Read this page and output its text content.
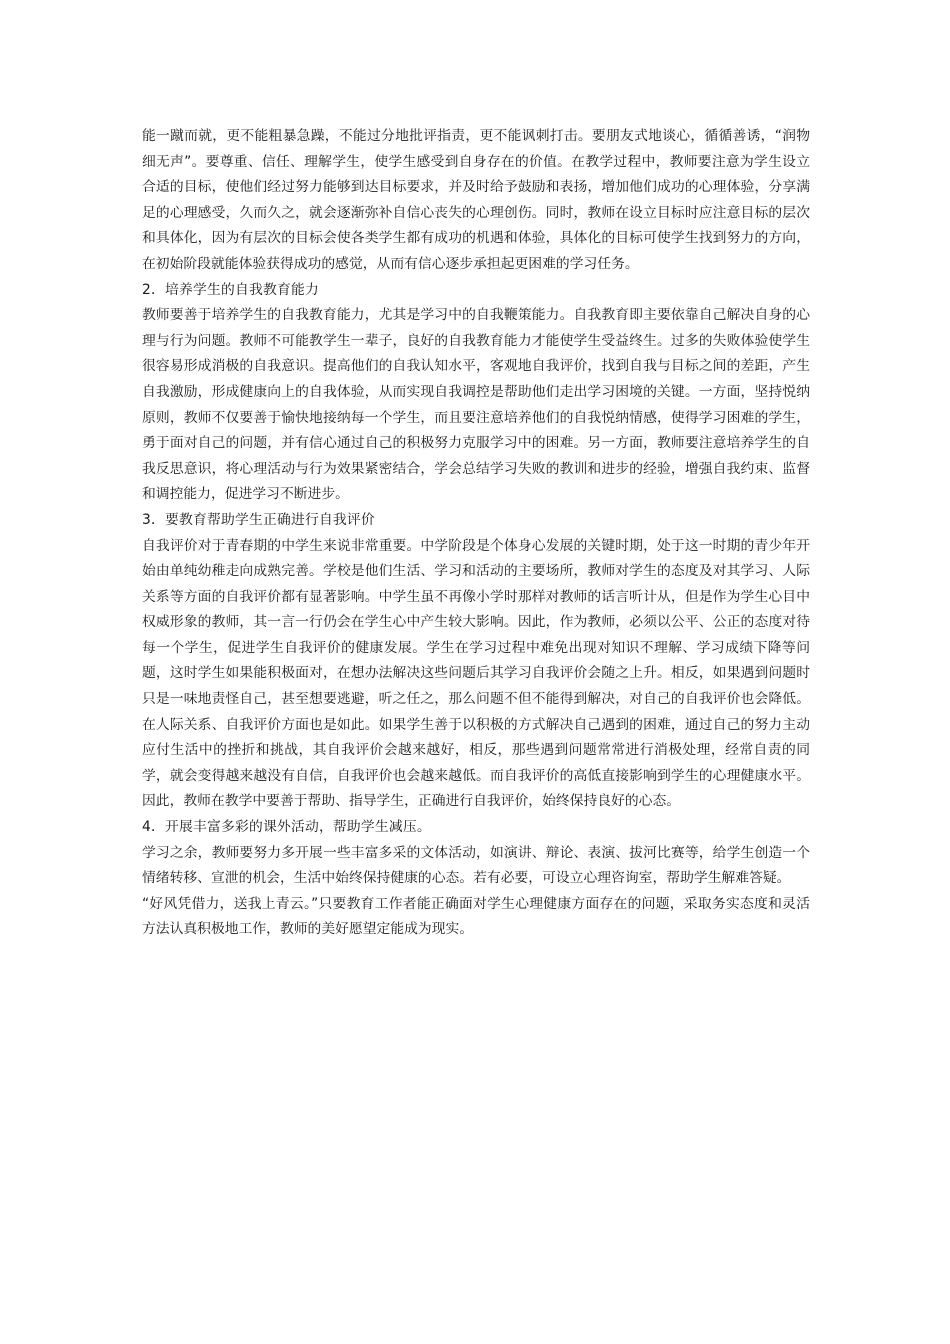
能一蹴而就，更不能粗暴急躁，不能过分地批评指责，更不能讽刺打击。要朋友式地谈心，循循善诱，“润物细无声”。要尊重、信任、理解学生，使学生感受到自身存在的价值。在教学过程中，教师要注意为学生设立合适的目标，使他们经过努力能够到达目标要求，并及时给予鼓励和表扬，增加他们成功的心理体验，分享满足的心理感受，久而久之，就会逐渐弥补自信心丧失的心理创伤。同时，教师在设立目标时应注意目标的层次和具体化，因为有层次的目标会使各类学生都有成功的机遇和体验，具体化的目标可使学生找到努力的方向，在初始阶段就能体验获得成功的感觉，从而有信心逐步承担起更困难的学习任务。

2．培养学生的自我教育能力

教师要善于培养学生的自我教育能力，尤其是学习中的自我鞭策能力。自我教育即主要依靠自己解决自身的心理与行为问题。教师不可能教学生一辈子，良好的自我教育能力才能使学生受益终生。过多的失败体验使学生很容易形成消极的自我意识。提高他们的自我认知水平，客观地自我评价，找到自我与目标之间的差距，产生自我激励，形成健康向上的自我体验，从而实现自我调控是帮助他们走出学习困境的关键。一方面，坚持悦纳原则，教师不仅要善于愉快地接纳每一个学生，而且要注意培养他们的自我悦纳情感，使得学习困难的学生，勇于面对自己的问题，并有信心通过自己的积极努力克服学习中的困难。另一方面，教师要注意培养学生的自我反思意识，将心理活动与行为效果紧密结合，学会总结学习失败的教训和进步的经验，增强自我约束、监督和调控能力，促进学习不断进步。

3．要教育帮助学生正确进行自我评价

自我评价对于青春期的中学生来说非常重要。中学阶段是个体身心发展的关键时期，处于这一时期的青少年开始由单纯幼稚走向成熟完善。学校是他们生活、学习和活动的主要场所，教师对学生的态度及对其学习、人际关系等方面的自我评价都有显著影响。中学生虽不再像小学时那样对教师的话言听计从，但是作为学生心目中权威形象的教师，其一言一行仍会在学生心中产生较大影响。因此，作为教师，必须以公平、公正的态度对待每一个学生，促进学生自我评价的健康发展。学生在学习过程中难免出现对知识不理解、学习成绩下降等问题，这时学生如果能积极面对，在想办法解决这些问题后其学习自我评价会随之上升。相反，如果遇到问题时只是一味地责怪自己，甚至想要逃避，听之任之，那么问题不但不能得到解决，对自己的自我评价也会降低。在人际关系、自我评价方面也是如此。如果学生善于以积极的方式解决自己遇到的困难，通过自己的努力主动应付生活中的挫折和挑战，其自我评价会越来越好，相反，那些遇到问题常常进行消极处理，经常自责的同学，就会变得越来越没有自信，自我评价也会越来越低。而自我评价的高低直接影响到学生的心理健康水平。因此，教师在教学中要善于帮助、指导学生，正确进行自我评价，始终保持良好的心态。

4．开展丰富多彩的课外活动，帮助学生减压。

学习之余，教师要努力多开展一些丰富多采的文体活动，如演讲、辩论、表演、拔河比赛等，给学生创造一个情绪转移、宣泄的机会，生活中始终保持健康的心态。若有必要，可设立心理咨询室，帮助学生解难答疑。

“好风凭借力，送我上青云。”只要教育工作者能正确面对学生心理健康方面存在的问题，采取务实态度和灵活方法认真积极地工作，教师的美好愿望定能成为现实。
